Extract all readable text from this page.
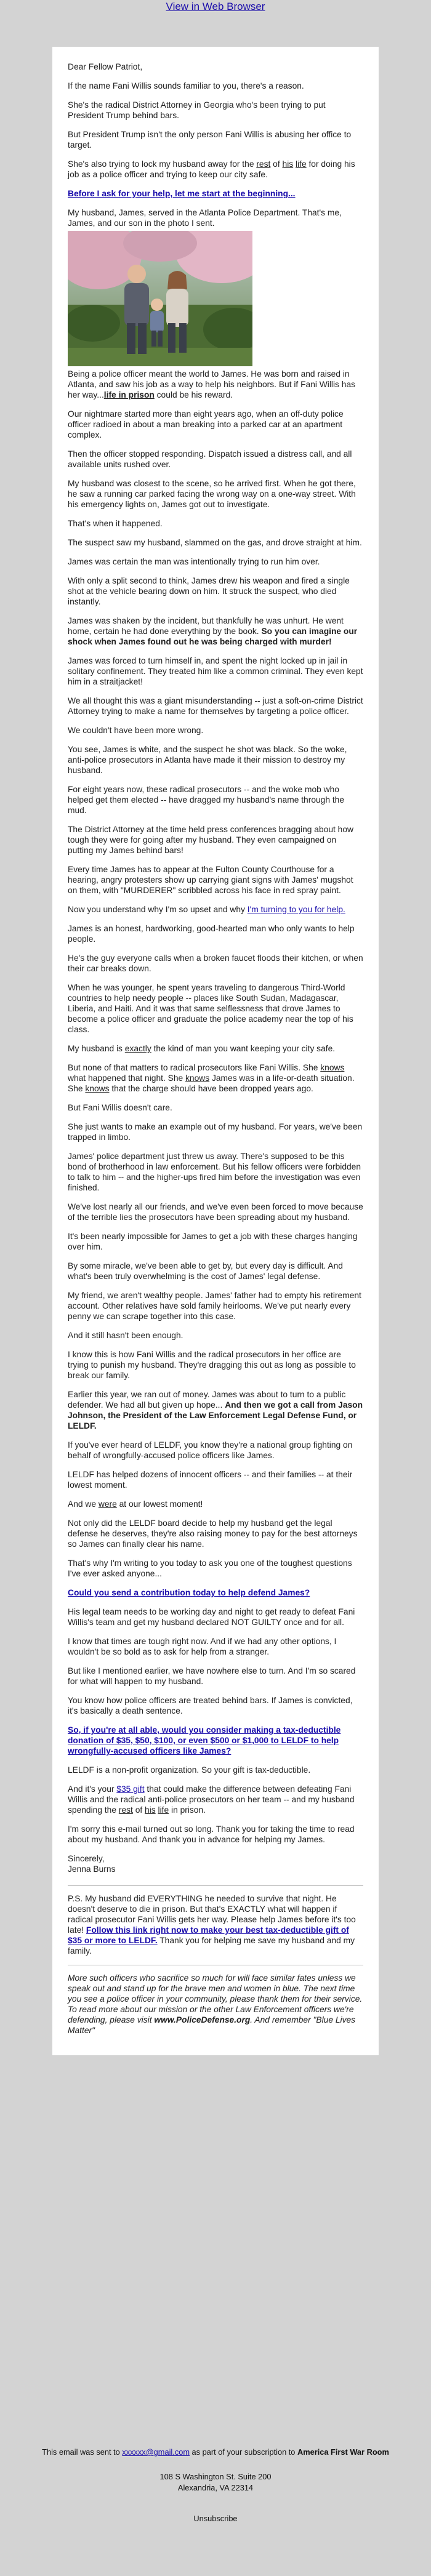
View in Web Browser

Dear Fellow Patriot,

If the name Fani Willis sounds familiar to you, there's a reason.

She's the radical District Attorney in Georgia who's been trying to put President Trump behind bars.

But President Trump isn't the only person Fani Willis is abusing her office to target.

She's also trying to lock my husband away for the rest of his life for doing his job as a police officer and trying to keep our city safe.

Before I ask for your help, let me start at the beginning...

My husband, James, served in the Atlanta Police Department. That's me, James, and our son in the photo I sent.

Being a police officer meant the world to James. He was born and raised in Atlanta, and saw his job as a way to help his neighbors. But if Fani Willis has her way...life in prison could be his reward.

Our nightmare started more than eight years ago, when an off-duty police officer radioed in about a man breaking into a parked car at an apartment complex.

Then the officer stopped responding. Dispatch issued a distress call, and all available units rushed over.

My husband was closest to the scene, so he arrived first. When he got there, he saw a running car parked facing the wrong way on a one-way street. With his emergency lights on, James got out to investigate.

That's when it happened.

The suspect saw my husband, slammed on the gas, and drove straight at him.

James was certain the man was intentionally trying to run him over.

With only a split second to think, James drew his weapon and fired a single shot at the vehicle bearing down on him. It struck the suspect, who died instantly.

James was shaken by the incident, but thankfully he was unhurt. He went home, certain he had done everything by the book. So you can imagine our shock when James found out he was being charged with murder!

James was forced to turn himself in, and spent the night locked up in jail in solitary confinement. They treated him like a common criminal. They even kept him in a straitjacket!

We all thought this was a giant misunderstanding -- just a soft-on-crime District Attorney trying to make a name for themselves by targeting a police officer.

We couldn't have been more wrong.

You see, James is white, and the suspect he shot was black. So the woke, anti-police prosecutors in Atlanta have made it their mission to destroy my husband.

For eight years now, these radical prosecutors -- and the woke mob who helped get them elected -- have dragged my husband's name through the mud.

The District Attorney at the time held press conferences bragging about how tough they were for going after my husband. They even campaigned on putting my James behind bars!

Every time James has to appear at the Fulton County Courthouse for a hearing, angry protesters show up carrying giant signs with James' mugshot on them, with "MURDERER" scribbled across his face in red spray paint.

Now you understand why I'm so upset and why I'm turning to you for help.

James is an honest, hardworking, good-hearted man who only wants to help people.

He's the guy everyone calls when a broken faucet floods their kitchen, or when their car breaks down.

When he was younger, he spent years traveling to dangerous Third-World countries to help needy people -- places like South Sudan, Madagascar, Liberia, and Haiti. And it was that same selflessness that drove James to become a police officer and graduate the police academy near the top of his class.

My husband is exactly the kind of man you want keeping your city safe.

But none of that matters to radical prosecutors like Fani Willis. She knows what happened that night. She knows James was in a life-or-death situation. She knows that the charge should have been dropped years ago.

But Fani Willis doesn't care.

She just wants to make an example out of my husband. For years, we've been trapped in limbo.

James' police department just threw us away. There's supposed to be this bond of brotherhood in law enforcement. But his fellow officers were forbidden to talk to him -- and the higher-ups fired him before the investigation was even finished.

We've lost nearly all our friends, and we've even been forced to move because of the terrible lies the prosecutors have been spreading about my husband.

It's been nearly impossible for James to get a job with these charges hanging over him.

By some miracle, we've been able to get by, but every day is difficult. And what's been truly overwhelming is the cost of James' legal defense.

My friend, we aren't wealthy people. James' father had to empty his retirement account. Other relatives have sold family heirlooms. We've put nearly every penny we can scrape together into this case.

And it still hasn't been enough.

I know this is how Fani Willis and the radical prosecutors in her office are trying to punish my husband. They're dragging this out as long as possible to break our family.

Earlier this year, we ran out of money. James was about to turn to a public defender. We had all but given up hope... And then we got a call from Jason Johnson, the President of the Law Enforcement Legal Defense Fund, or LELDF.

If you've ever heard of LELDF, you know they're a national group fighting on behalf of wrongfully-accused police officers like James.

LELDF has helped dozens of innocent officers -- and their families -- at their lowest moment.

And we were at our lowest moment!

Not only did the LELDF board decide to help my husband get the legal defense he deserves, they're also raising money to pay for the best attorneys so James can finally clear his name.

That's why I'm writing to you today to ask you one of the toughest questions I've ever asked anyone...

Could you send a contribution today to help defend James?

His legal team needs to be working day and night to get ready to defeat Fani Willis's team and get my husband declared NOT GUILTY once and for all.

I know that times are tough right now. And if we had any other options, I wouldn't be so bold as to ask for help from a stranger.

But like I mentioned earlier, we have nowhere else to turn. And I'm so scared for what will happen to my husband.

You know how police officers are treated behind bars. If James is convicted, it's basically a death sentence.

So, if you're at all able, would you consider making a tax-deductible donation of $35, $50, $100, or even $500 or $1,000 to LELDF to help wrongfully-accused officers like James?

LELDF is a non-profit organization. So your gift is tax-deductible.

And it's your $35 gift that could make the difference between defeating Fani Willis and the radical anti-police prosecutors on her team -- and my husband spending the rest of his life in prison.

I'm sorry this e-mail turned out so long. Thank you for taking the time to read about my husband. And thank you in advance for helping my James.

Sincerely,
Jenna Burns

P.S. My husband did EVERYTHING he needed to survive that night. He doesn't deserve to die in prison. But that's EXACTLY what will happen if radical prosecutor Fani Willis gets her way. Please help James before it's too late! Follow this link right now to make your best tax-deductible gift of $35 or more to LELDF. Thank you for helping me save my husband and my family.

More such officers who sacrifice so much for will face similar fates unless we speak out and stand up for the brave men and women in blue. The next time you see a police officer in your community, please thank them for their service. To read more about our mission or the other Law Enforcement officers we're defending, please visit www.PoliceDefense.org. And remember "Blue Lives Matter"

This email was sent to xxxxxx@gmail.com as part of your subscription to America First War Room
108 S Washington St. Suite 200
Alexandria, VA 22314
Unsubscribe
